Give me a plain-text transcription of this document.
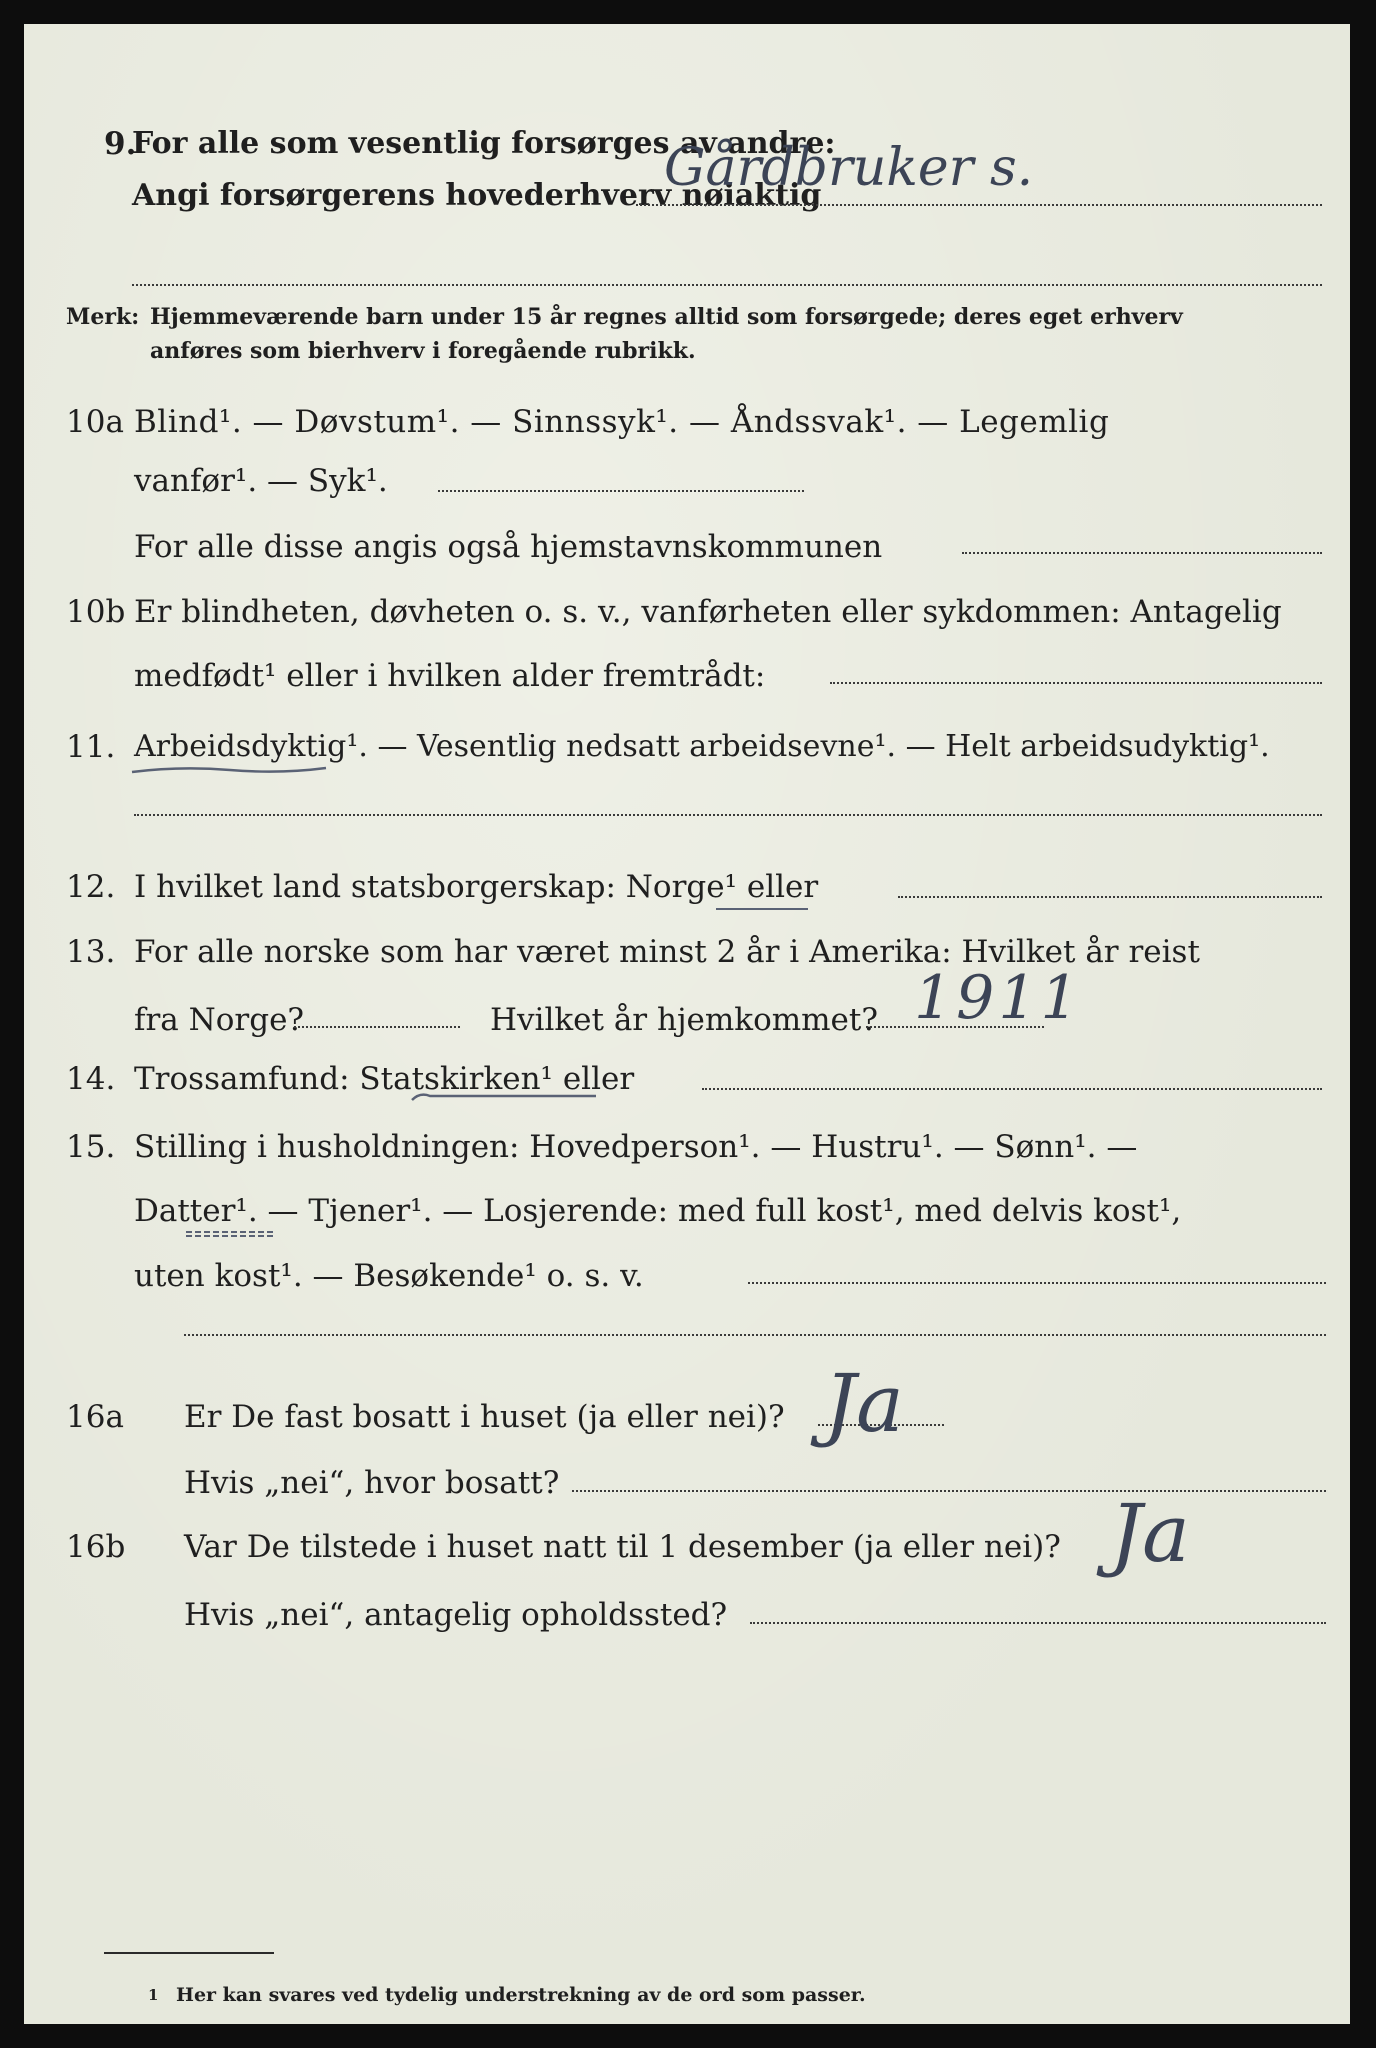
9.
For alle som vesentlig forsørges av andre:
Angi forsørgerens hovederhverv nøiaktig
Gårdbruker s.
Merk: Hjemmeværende barn under 15 år regnes alltid som forsørgede; deres eget erhverv
anføres som bierhverv i foregående rubrikk.
10a Blind¹. — Døvstum¹. — Sinnssyk¹. — Åndssvak¹. — Legemlig
vanfør¹. — Syk¹.
For alle disse angis også hjemstavnskommunen
10b Er blindheten, døvheten o. s. v., vanførheten eller sykdommen: Antagelig
medfødt¹ eller i hvilken alder fremtrådt:
11. Arbeidsdyktig¹. — Vesentlig nedsatt arbeidsevne¹. — Helt arbeidsudyktig¹.
12. I hvilket land statsborgerskap: Norge¹ eller
13. For alle norske som har været minst 2 år i Amerika: Hvilket år reist
fra Norge?	Hvilket år hjemkommet? 1911
14. Trossamfund: Statskirken¹ eller
15. Stilling i husholdningen: Hovedperson¹. — Hustru¹. — Sønn¹. —
Datter¹. — Tjener¹. — Losjerende: med full kost¹, med delvis kost¹,
uten kost¹. — Besøkende¹ o. s. v.
16a Er De fast bosatt i huset (ja eller nei)? Ja
Hvis „nei“, hvor bosatt?
16b Var De tilstede i huset natt til 1 desember (ja eller nei)? Ja
Hvis „nei“, antagelig opholdssted?
1 Her kan svares ved tydelig understrekning av de ord som passer.
